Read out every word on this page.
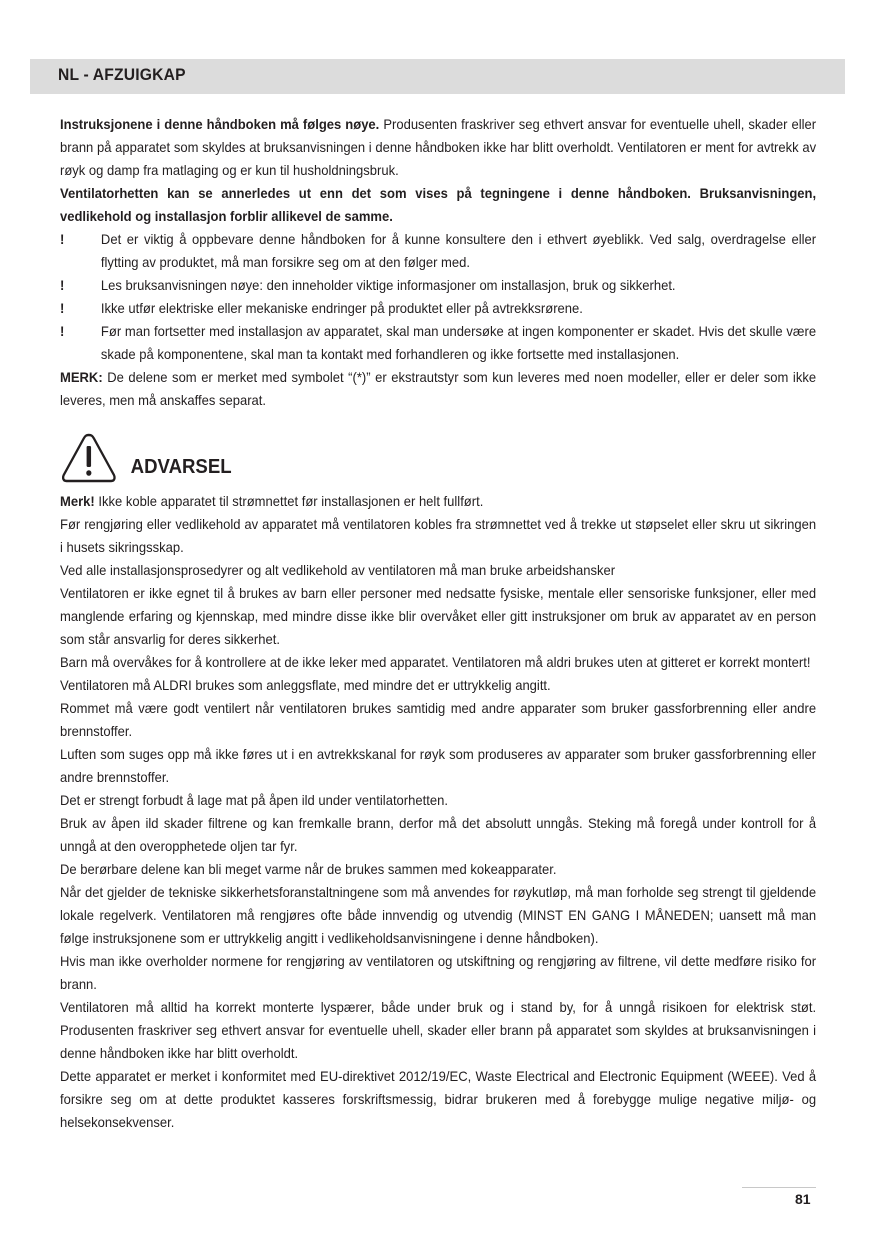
NL - AFZUIGKAP

Instruksjonene i denne håndboken må følges nøye. Produsenten fraskriver seg ethvert ansvar for eventuelle uhell, skader eller brann på apparatet som skyldes at bruksanvisningen i denne håndboken ikke har blitt overholdt. Ventilatoren er ment for avtrekk av røyk og damp fra matlaging og er kun til husholdningsbruk.

Ventilatorhetten kan se annerledes ut enn det som vises på tegningene i denne håndboken. Bruksanvisningen, vedlikehold og installasjon forblir allikevel de samme.

!	Det er viktig å oppbevare denne håndboken for å kunne konsultere den i ethvert øyeblikk. Ved salg, overdragelse eller flytting av produktet, må man forsikre seg om at den følger med.
!	Les bruksanvisningen nøye: den inneholder viktige informasjoner om installasjon, bruk og sikkerhet.
!	Ikke utfør elektriske eller mekaniske endringer på produktet eller på avtrekksrørene.
!	Før man fortsetter med installasjon av apparatet, skal man undersøke at ingen komponenter er skadet. Hvis det skulle være skade på komponentene, skal man ta kontakt med forhandleren og ikke fortsette med installasjonen.

MERK: De delene som er merket med symbolet “(*)” er ekstrautstyr som kun leveres med noen modeller, eller er deler som ikke leveres, men må anskaffes separat.

ADVARSEL

Merk! Ikke koble apparatet til strømnettet før installasjonen er helt fullført.

Før rengjøring eller vedlikehold av apparatet må ventilatoren kobles fra strømnettet ved å trekke ut støpselet eller skru ut sikringen i husets sikringsskap.

Ved alle installasjonsprosedyrer og alt vedlikehold av ventilatoren må man bruke arbeidshansker

Ventilatoren er ikke egnet til å brukes av barn eller personer med nedsatte fysiske, mentale eller sensoriske funksjoner, eller med manglende erfaring og kjennskap, med mindre disse ikke blir overvåket eller gitt instruksjoner om bruk av apparatet av en person som står ansvarlig for deres sikkerhet.

Barn må overvåkes for å kontrollere at de ikke leker med apparatet. Ventilatoren må aldri brukes uten at gitteret er korrekt montert!

Ventilatoren må ALDRI brukes som anleggsflate, med mindre det er uttrykkelig angitt.

Rommet må være godt ventilert når ventilatoren brukes samtidig med andre apparater som bruker gassforbrenning eller andre brennstoffer.

Luften som suges opp må ikke føres ut i en avtrekkskanal for røyk som produseres av apparater som bruker gassforbrenning eller andre brennstoffer.

Det er strengt forbudt å lage mat på åpen ild under ventilatorhetten.

Bruk av åpen ild skader filtrene og kan fremkalle brann, derfor må det absolutt unngås. Steking må foregå under kontroll for å unngå at den overopphetede oljen tar fyr.

De berørbare delene kan bli meget varme når de brukes sammen med kokeapparater.

Når det gjelder de tekniske sikkerhetsforanstaltningene som må anvendes for røykutløp, må man forholde seg strengt til gjeldende lokale regelverk. Ventilatoren må rengjøres ofte både innvendig og utvendig (MINST EN GANG I MÅNEDEN; uansett må man følge instruksjonene som er uttrykkelig angitt i vedlikeholdsanvisningene i denne håndboken).

Hvis man ikke overholder normene for rengjøring av ventilatoren og utskiftning og rengjøring av filtrene, vil dette medføre risiko for brann.

Ventilatoren må alltid ha korrekt monterte lyspærer, både under bruk og i stand by, for å unngå risikoen for elektrisk støt. Produsenten fraskriver seg ethvert ansvar for eventuelle uhell, skader eller brann på apparatet som skyldes at bruksanvisningen i denne håndboken ikke har blitt overholdt.

Dette apparatet er merket i konformitet med EU-direktivet 2012/19/EC, Waste Electrical and Electronic Equipment (WEEE). Ved å forsikre seg om at dette produktet kasseres forskriftsmessig, bidrar brukeren med å forebygge mulige negative miljø- og helsekonsekvenser.

81
